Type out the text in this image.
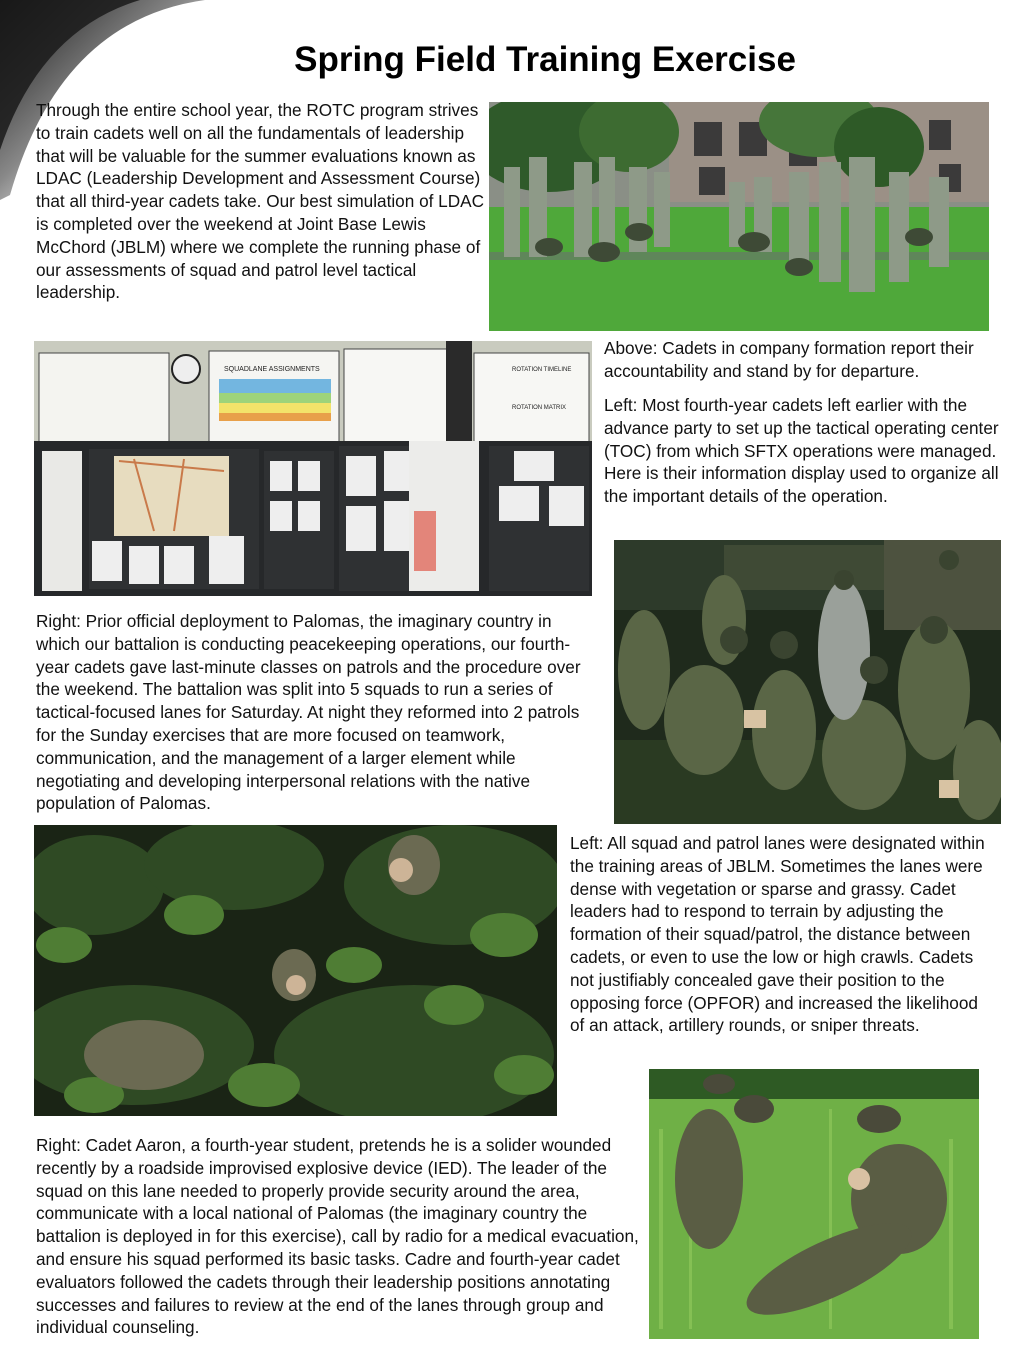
Spring Field Training Exercise

Through the entire school year, the ROTC program strives to train cadets well on all the fundamentals of leadership that will be valuable for the summer evaluations known as LDAC (Leadership Development and Assessment Course) that all third-year cadets take. Our best simulation of LDAC is completed over the weekend at Joint Base Lewis McChord (JBLM) where we complete the running phase of our assessments of squad and patrol level tactical leadership.

SQUADLANE ASSIGNMENTS	ROTATION TIMELINE
ROTATION MATRIX

Above: Cadets in company formation report their accountability and stand by for departure.

Left: Most fourth-year cadets left earlier with the advance party to set up the tactical operating center (TOC) from which SFTX operations were managed. Here is their information display used to organize all the important details of the operation.

Right: Prior official deployment to Palomas, the imaginary country in which our battalion is conducting peacekeeping operations, our fourth-year cadets gave last-minute classes on patrols and the procedure over the weekend. The battalion was split into 5 squads to run a series of tactical-focused lanes for Saturday. At night they reformed into 2 patrols for the Sunday exercises that are more focused on teamwork, communication, and the management of a larger element while negotiating and developing interpersonal relations with the native population of Palomas.

Left: All squad and patrol lanes were designated within the training areas of JBLM. Sometimes the lanes were dense with vegetation or sparse and grassy. Cadet leaders had to respond to terrain by adjusting the formation of their squad/patrol, the distance between cadets, or even to use the low or high crawls. Cadets not justifiably concealed gave their position to the opposing force (OPFOR) and increased the likelihood of an attack, artillery rounds, or sniper threats.

Right: Cadet Aaron, a fourth-year student, pretends he is a solider wounded recently by a roadside improvised explosive device (IED). The leader of the squad on this lane needed to properly provide security around the area, communicate with a local national of Palomas (the imaginary country the battalion is deployed in for this exercise), call by radio for a medical evacuation, and ensure his squad performed its basic tasks. Cadre and fourth-year cadet evaluators followed the cadets through their leadership positions annotating successes and failures to review at the end of the lanes through group and individual counseling.
